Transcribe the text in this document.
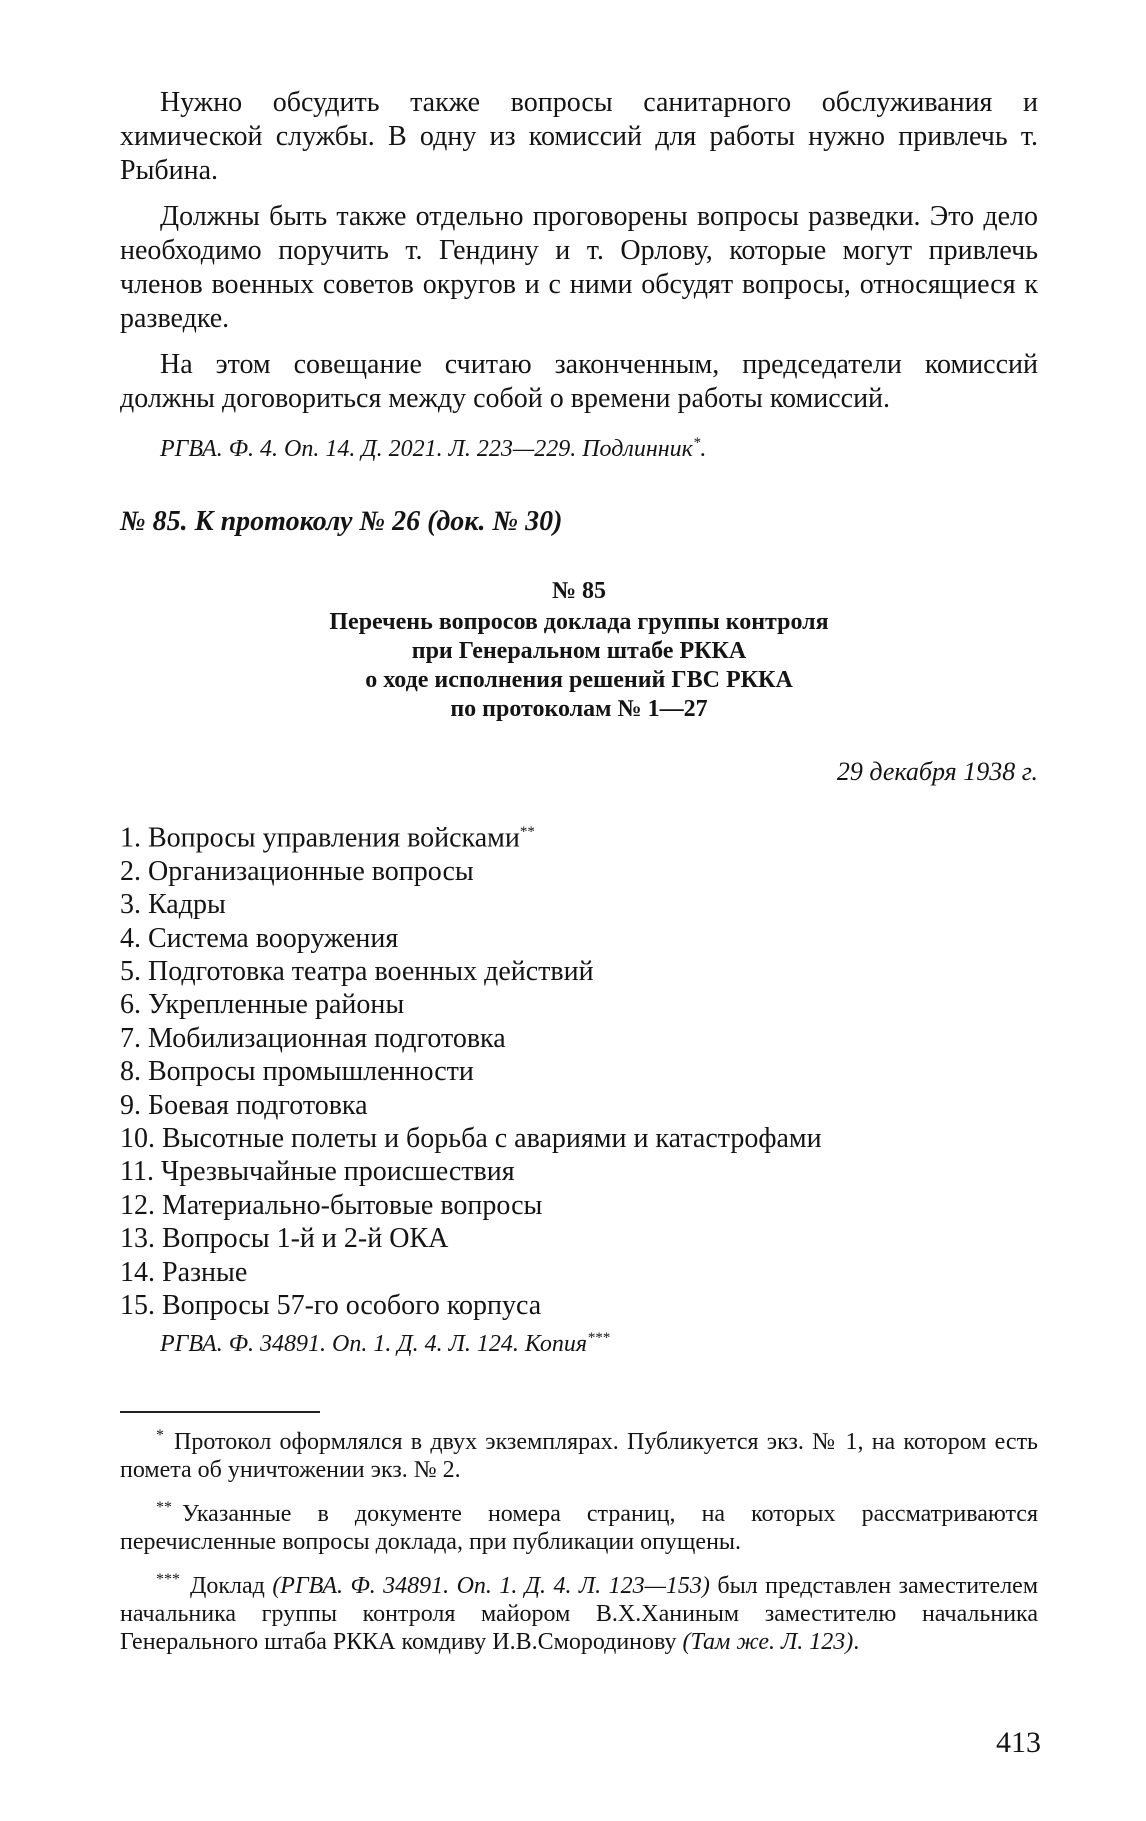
Нужно обсудить также вопросы санитарного обслуживания и химической службы. В одну из комиссий для работы нужно привлечь т. Рыбина.

Должны быть также отдельно проговорены вопросы разведки. Это дело необходимо поручить т. Гендину и т. Орлову, которые могут привлечь членов военных советов округов и с ними обсудят вопросы, относящиеся к разведке.

На этом совещание считаю законченным, председатели комиссий должны договориться между собой о времени работы комиссий.

РГВА. Ф. 4. Оп. 14. Д. 2021. Л. 223—229. Подлинник*.

№ 85. К протоколу № 26 (док. № 30)
№ 85
Перечень вопросов доклада группы контроля
при Генеральном штабе РККА
о ходе исполнения решений ГВС РККА
по протоколам № 1—27
29 декабря 1938 г.
1. Вопросы управления войсками**
2. Организационные вопросы
3. Кадры
4. Система вооружения
5. Подготовка театра военных действий
6. Укрепленные районы
7. Мобилизационная подготовка
8. Вопросы промышленности
9. Боевая подготовка
10. Высотные полеты и борьба с авариями и катастрофами
11. Чрезвычайные происшествия
12. Материально-бытовые вопросы
13. Вопросы 1-й и 2-й ОКА
14. Разные
15. Вопросы 57-го особого корпуса
РГВА. Ф. 34891. Оп. 1. Д. 4. Л. 124. Копия***

* Протокол оформлялся в двух экземплярах. Публикуется экз. № 1, на котором есть помета об уничтожении экз. № 2.

** Указанные в документе номера страниц, на которых рассматриваются перечисленные вопросы доклада, при публикации опущены.

*** Доклад (РГВА. Ф. 34891. Оп. 1. Д. 4. Л. 123—153) был представлен заместителем начальника группы контроля майором В.Х.Ханиным заместителю начальника Генерального штаба РККА комдиву И.В.Смородинову (Там же. Л. 123).

413
